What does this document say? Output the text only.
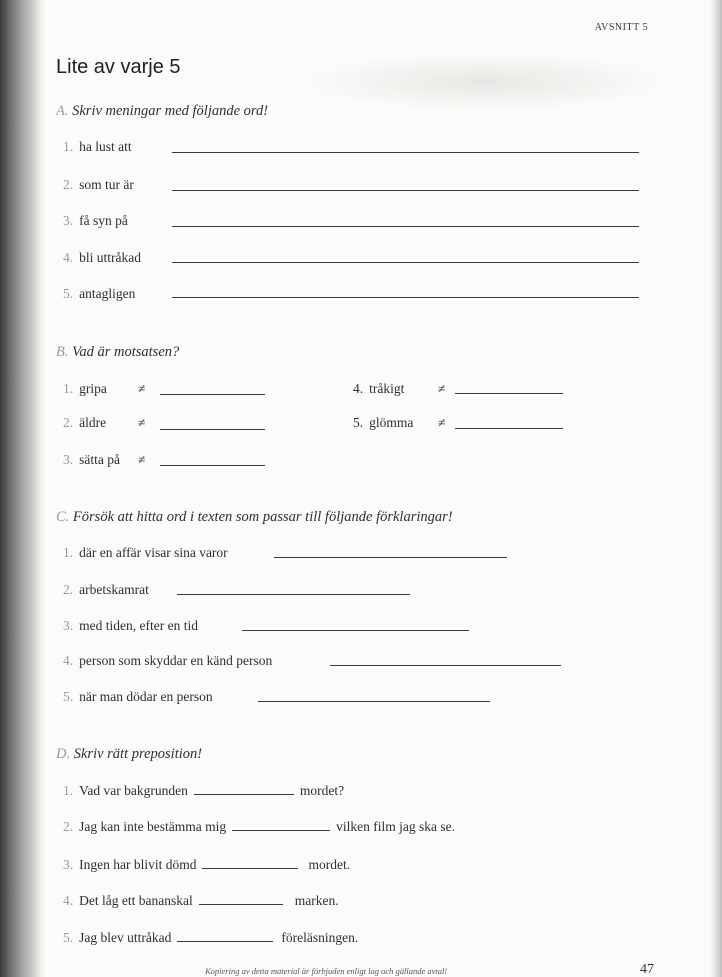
AVSNITT 5
Lite av varje 5
A. Skriv meningar med följande ord!
1. ha lust att
2. som tur är
3. få syn på
4. bli uttråkad
5. antagligen
B. Vad är motsatsen?
1. gripa ≠
2. äldre ≠
3. sätta på ≠
4. tråkigt ≠
5. glömma ≠
C. Försök att hitta ord i texten som passar till följande förklaringar!
1. där en affär visar sina varor
2. arbetskamrat
3. med tiden, efter en tid
4. person som skyddar en känd person
5. när man dödar en person
D. Skriv rätt preposition!
1. Vad var bakgrunden	mordet?
2. Jag kan inte bestämma mig	vilken film jag ska se.
3. Ingen har blivit dömd	mordet.
4. Det låg ett bananskal	marken.
5. Jag blev uttråkad	föreläsningen.
Kopiering av detta material är förbjuden enligt lag och gällande avtal!	47
